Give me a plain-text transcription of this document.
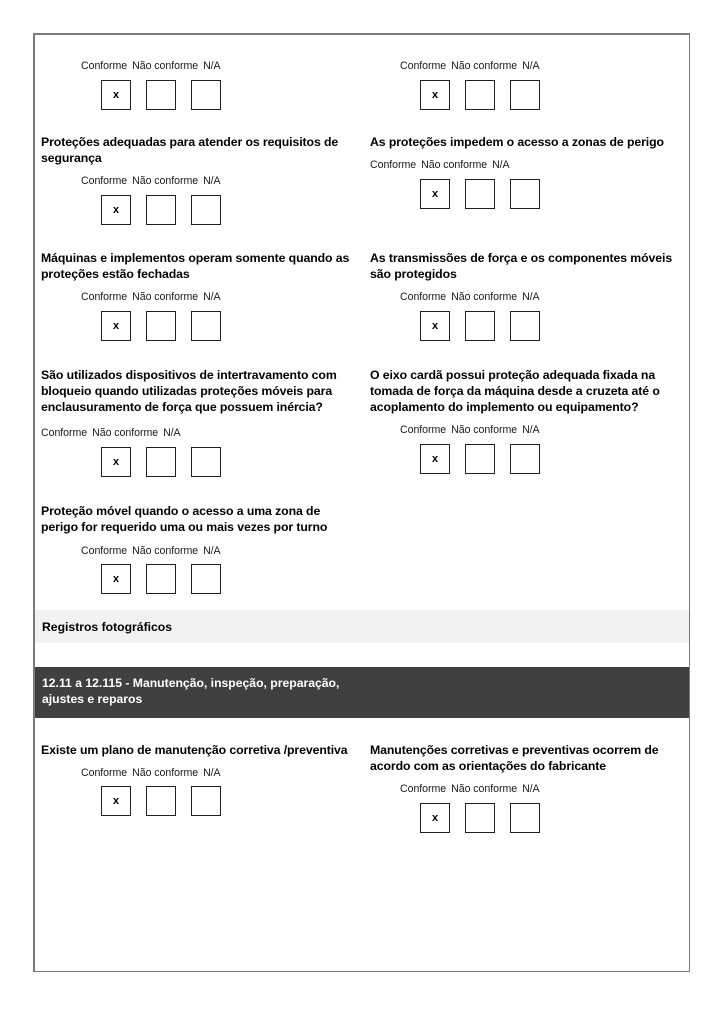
Conforme Não conforme N/A
x
Conforme Não conforme N/A
x
Proteções adequadas para atender os requisitos de segurança
Conforme Não conforme N/A
x
As proteções impedem o acesso a zonas de perigo
Conforme Não conforme N/A
x
Máquinas e implementos operam somente quando as proteções estão fechadas
Conforme Não conforme N/A
x
As transmissões de força e os componentes móveis são protegidos
Conforme Não conforme N/A
x
São utilizados dispositivos de intertravamento com bloqueio quando utilizadas proteções móveis para enclausuramento de força que possuem inércia?
Conforme Não conforme N/A
x
O eixo cardã possui proteção adequada fixada na tomada de força da máquina desde a cruzeta até o acoplamento do implemento ou equipamento?
Conforme Não conforme N/A
x
Proteção móvel quando o acesso a uma zona de perigo for requerido uma ou mais vezes por turno
Conforme Não conforme N/A
x
Registros fotográficos
12.11 a 12.115 - Manutenção, inspeção, preparação, ajustes e reparos
Existe um plano de manutenção corretiva /preventiva
Conforme Não conforme N/A
x
Manutenções corretivas e preventivas ocorrem de acordo com as orientações do fabricante
Conforme Não conforme N/A
x
